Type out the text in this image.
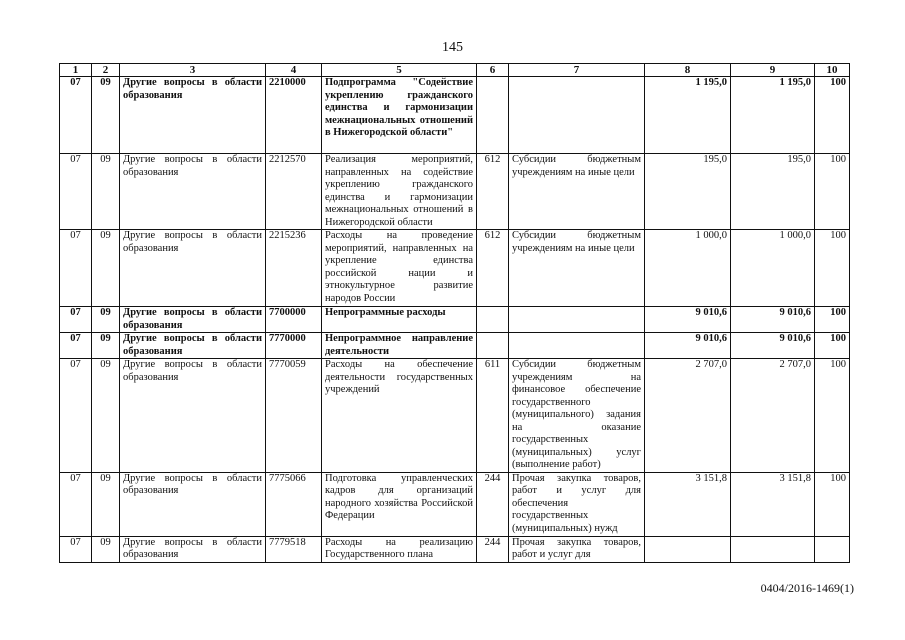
145
1	2	3	4	5	6	7	8	9	10
07	09	Другие вопросы в области образования	2210000	Подпрограмма "Содействие укреплению гражданского единства и гармонизации межнациональных отношений в Нижегородской области"			1 195,0	1 195,0	100
07	09	Другие вопросы в области образования	2212570	Реализация мероприятий, направленных на содействие укреплению гражданского единства и гармонизации межнациональных отношений в Нижегородской области	612	Субсидии бюджетным учреждениям на иные цели	195,0	195,0	100
07	09	Другие вопросы в области образования	2215236	Расходы на проведение мероприятий, направленных на укрепление единства российской нации и этнокультурное развитие народов России	612	Субсидии бюджетным учреждениям на иные цели	1 000,0	1 000,0	100
07	09	Другие вопросы в области образования	7700000	Непрограммные расходы			9 010,6	9 010,6	100
07	09	Другие вопросы в области образования	7770000	Непрограммное направление деятельности			9 010,6	9 010,6	100
07	09	Другие вопросы в области образования	7770059	Расходы на обеспечение деятельности государственных учреждений	611	Субсидии бюджетным учреждениям на финансовое обеспечение государственного (муниципального) задания на оказание государственных (муниципальных) услуг (выполнение работ)	2 707,0	2 707,0	100
07	09	Другие вопросы в области образования	7775066	Подготовка управленческих кадров для организаций народного хозяйства Российской Федерации	244	Прочая закупка товаров, работ и услуг для обеспечения государственных (муниципальных) нужд	3 151,8	3 151,8	100
07	09	Другие вопросы в области образования	7779518	Расходы на реализацию Государственного плана	244	Прочая закупка товаров, работ и услуг для			
0404/2016-1469(1)
